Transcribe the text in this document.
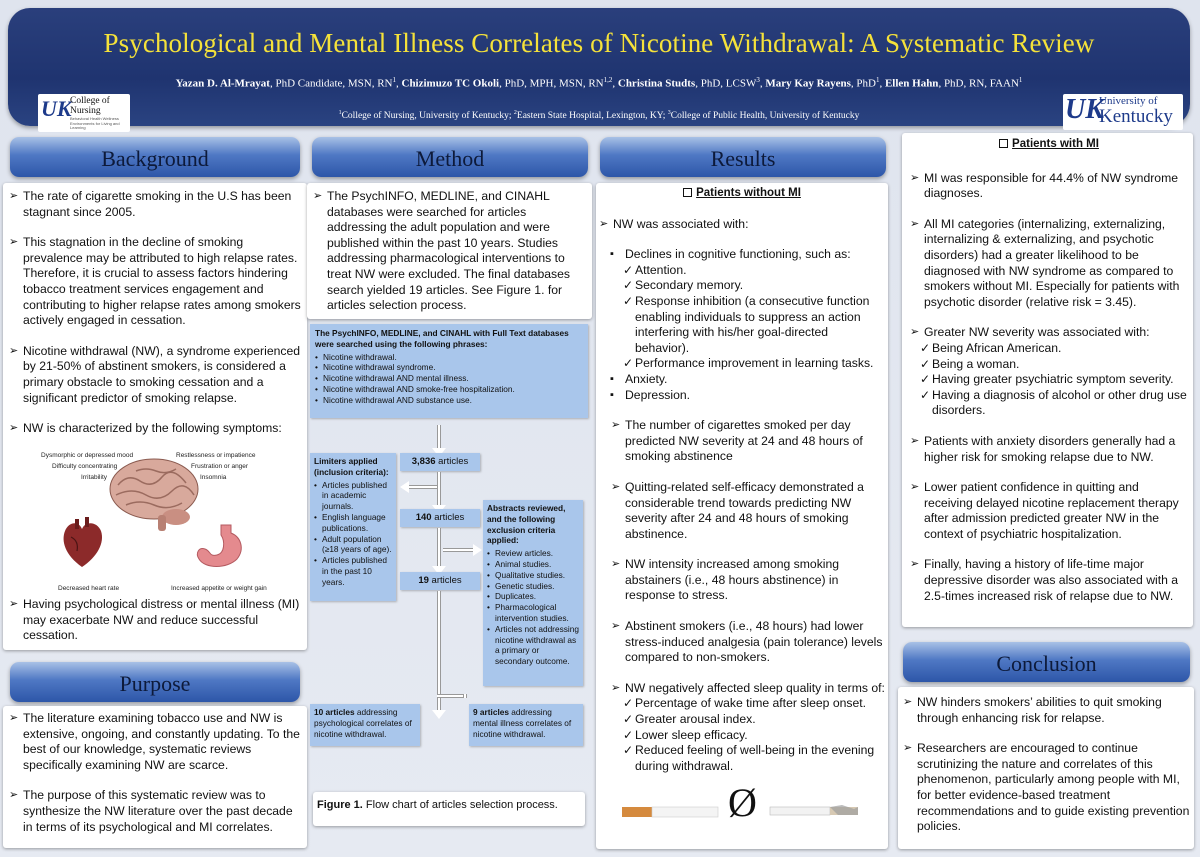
Psychological and Mental Illness Correlates of Nicotine Withdrawal: A Systematic Review
Yazan D. Al-Mrayat, PhD Candidate, MSN, $RN^1$, Chizimuzo TC Okoli, PhD, MPH, MSN, RN$^{1,2}$, Christina Studts, PhD, LCSW$^3$, Mary Kay Rayens, PhD$^1$, Ellen Hahn, PhD, RN, FAAN$^1$
$^1$College of Nursing, University of Kentucky; $^2$Eastern State Hospital, Lexington, KY; $^3$College of Public Health, University of Kentucky
UK
College of
Nursing
Behavioral Health Wellness Environments for Living and Learning
UK
University of
Kentucky
Background
➢ The rate of cigarette smoking in the U.S has been stagnant since 2005.
➢ This stagnation in the decline of smoking prevalence may be attributed to high relapse rates. Therefore, it is crucial to assess factors hindering tobacco treatment services engagement and contributing to higher relapse rates among smokers actively engaged in cessation.
➢ Nicotine withdrawal (NW), a syndrome experienced by 21-50% of abstinent smokers, is considered a primary obstacle to smoking cessation and a significant predictor of smoking relapse.
➢ NW is characterized by the following symptoms:
Dysmorphic or depressed mood	Restlessness or impatience
Difficulty concentrating	Frustration or anger
Irritability	Insomnia
Decreased heart rate	Increased appetite or weight gain
➢ Having psychological distress or mental illness (MI) may exacerbate NW and reduce successful cessation.
Purpose
➢ The literature examining tobacco use and NW is extensive, ongoing, and constantly updating. To the best of our knowledge, systematic reviews specifically examining NW are scarce.
➢ The purpose of this systematic review was to synthesize the NW literature over the past decade in terms of its psychological and MI correlates.
Method
➢ The PsychINFO, MEDLINE, and CINAHL databases were searched for articles addressing the adult population and were published within the past 10 years. Studies addressing pharmacological interventions to treat NW were excluded. The final databases search yielded 19 articles. See Figure 1. for articles selection process.
The PsychINFO, MEDLINE, and CINAHL with Full Text databases were searched using the following phrases:
• Nicotine withdrawal.
• Nicotine withdrawal syndrome.
• Nicotine withdrawal AND mental illness.
• Nicotine withdrawal AND smoke-free hospitalization.
• Nicotine withdrawal AND substance use.
Limiters applied (inclusion criteria):
• Articles published in academic journals.
• English language publications.
• Adult population (≥18 years of age).
• Articles published in the past 10 years.
3,836 articles
140 articles
Abstracts reviewed, and the following exclusion criteria applied:
• Review articles.
• Animal studies.
• Qualitative studies.
• Genetic studies.
• Duplicates.
• Pharmacological intervention studies.
• Articles not addressing nicotine withdrawal as a primary or secondary outcome.
19 articles
10 articles addressing psychological correlates of nicotine withdrawal.
9 articles addressing mental illness correlates of nicotine withdrawal.
Figure 1. Flow chart of articles selection process.
Results
Patients without MI
➢ NW was associated with:
▪ Declines in cognitive functioning, such as:
✓ Attention.
✓ Secondary memory.
✓ Response inhibition (a consecutive function enabling individuals to suppress an action interfering with his/her goal-directed behavior).
✓ Performance improvement in learning tasks.
▪ Anxiety.
▪ Depression.
➢ The number of cigarettes smoked per day predicted NW severity at 24 and 48 hours of smoking abstinence
➢ Quitting-related self-efficacy demonstrated a considerable trend towards predicting NW severity after 24 and 48 hours of smoking abstinence.
➢ NW intensity increased among smoking abstainers (i.e., 48 hours abstinence) in response to stress.
➢ Abstinent smokers (i.e., 48 hours) had lower stress-induced analgesia (pain tolerance) levels compared to non-smokers.
➢ NW negatively affected sleep quality in terms of:
✓ Percentage of wake time after sleep onset.
✓ Greater arousal index.
✓ Lower sleep efficacy.
✓ Reduced feeling of well-being in the evening during withdrawal.
Ø
Patients with MI
➢ MI was responsible for 44.4% of NW syndrome diagnoses.
➢ All MI categories (internalizing, externalizing, internalizing & externalizing, and psychotic disorders) had a greater likelihood to be diagnosed with NW syndrome as compared to smokers without MI. Especially for patients with psychotic disorder (relative risk = 3.45).
➢ Greater NW severity was associated with:
✓ Being African American.
✓ Being a woman.
✓ Having greater psychiatric symptom severity.
✓ Having a diagnosis of alcohol or other drug use disorders.
➢ Patients with anxiety disorders generally had a higher risk for smoking relapse due to NW.
➢ Lower patient confidence in quitting and receiving delayed nicotine replacement therapy after admission predicted greater NW in the context of psychiatric hospitalization.
➢ Finally, having a history of life-time major depressive disorder was also associated with a 2.5-times increased risk of relapse due to NW.
Conclusion
➢ NW hinders smokers’ abilities to quit smoking through enhancing risk for relapse.
➢ Researchers are encouraged to continue scrutinizing the nature and correlates of this phenomenon, particularly among people with MI, for better evidence-based treatment recommendations and to guide existing prevention policies.
